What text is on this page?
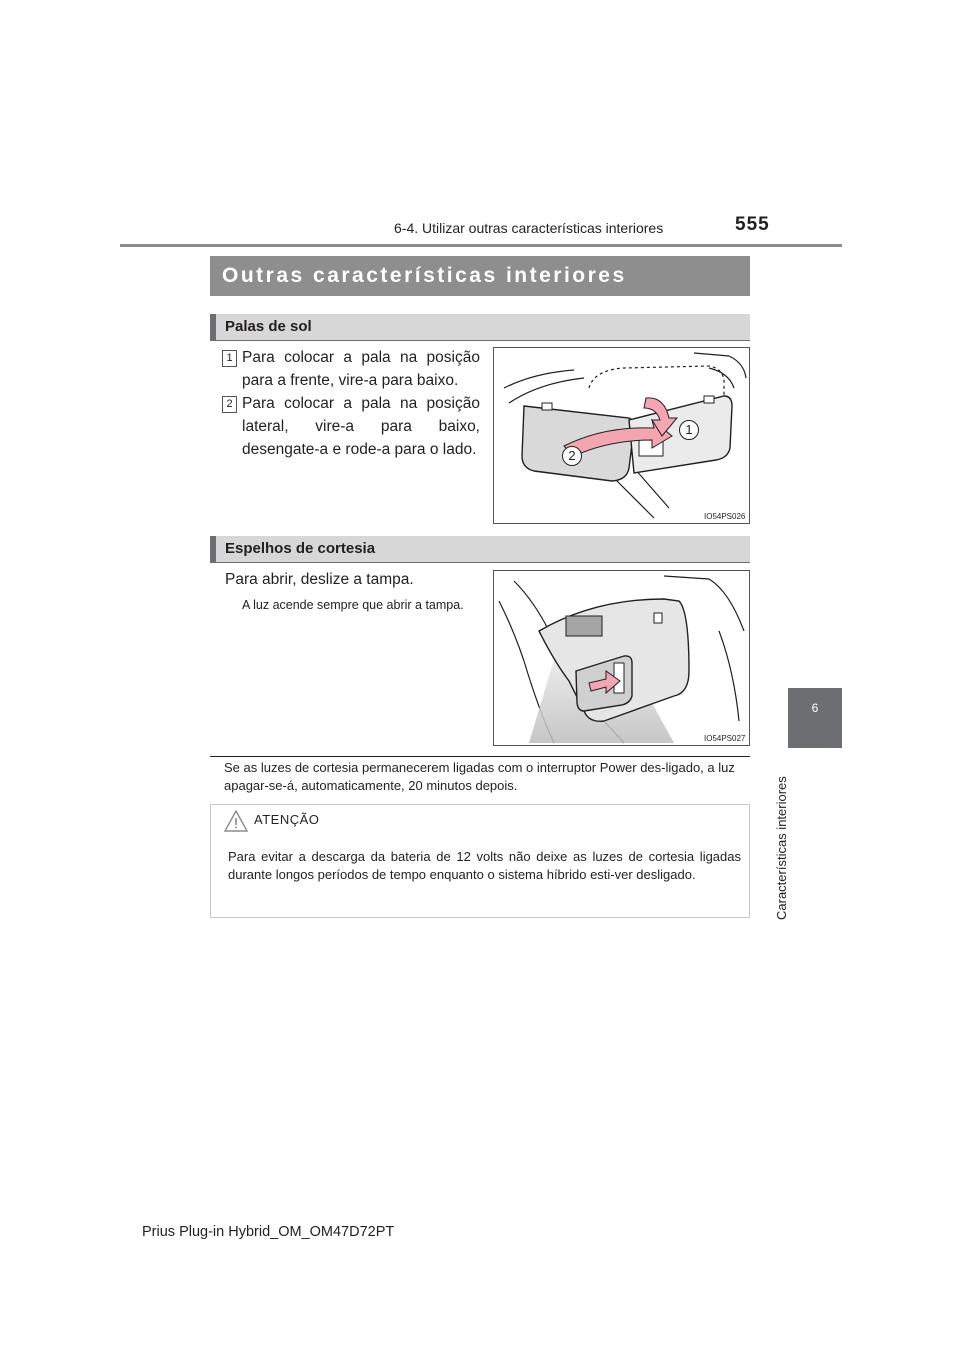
6-4. Utilizar outras características interiores	555
6
Características interiores
Outras características interiores
Palas de sol
1 Para colocar a pala na posição para a frente, vire-a para baixo.
2 Para colocar a pala na posição lateral, vire-a para baixo, desengate-a e rode-a para o lado.
1
2
IO54PS026
Espelhos de cortesia
Para abrir, deslize a tampa.
A luz acende sempre que abrir a tampa.
IO54PS027
Se as luzes de cortesia permanecerem ligadas com o interruptor Power des-ligado, a luz apagar-se-á, automaticamente, 20 minutos depois.
ATENÇÃO
Para evitar a descarga da bateria de 12 volts não deixe as luzes de cortesia ligadas durante longos períodos de tempo enquanto o sistema híbrido esti-ver desligado.
Prius Plug-in Hybrid_OM_OM47D72PT
